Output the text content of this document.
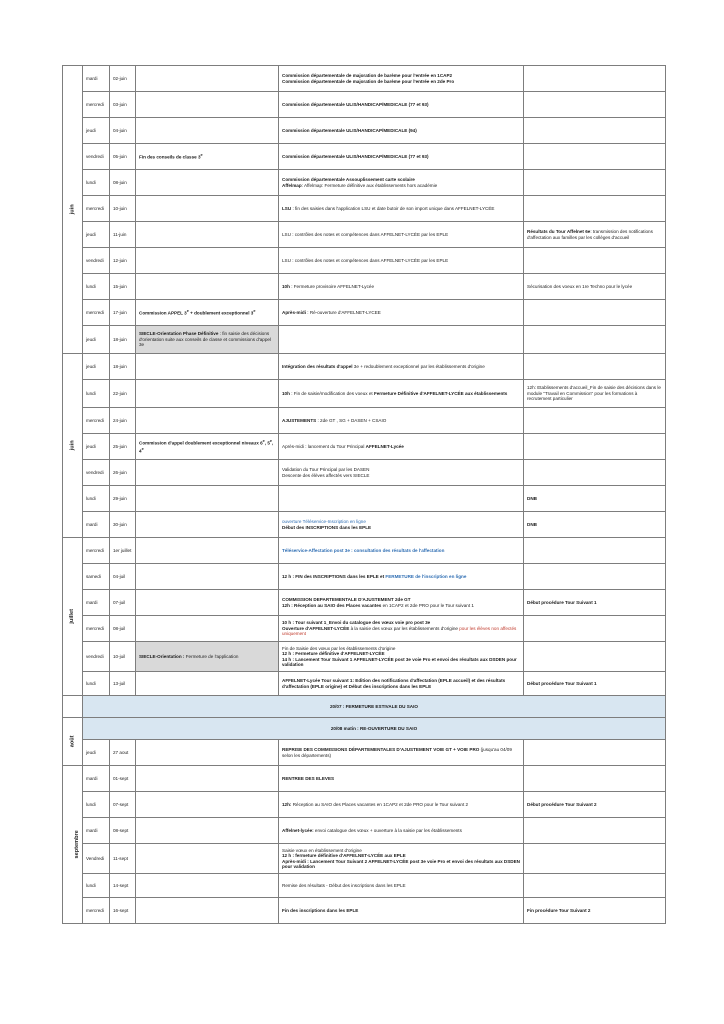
juin	mardi	02-juin		Commission départementale de majoration de barème pour l'entrée en 1CAP2
Commission départementale de majoration de barème pour l'entrée en 2de Pro	

	mercredi	03-juin		Commission départementale ULIS/HANDICAP/MEDICALE (77 et 93)	
	jeudi	04-juin		Commission départementale ULIS/HANDICAP/MEDICALE (94)	
	vendredi	05-juin	Fin des conseils de classe 3e	Commission départementale ULIS/HANDICAP/MEDICALE (77 et 93)	
	lundi	08-juin		Commission départementale Assouplissement carte scolaire
Affelmap: Affelmap: Fermeture définitive aux établissements hors académie	

	mercredi	10-juin		LSU : fin des saisies dans l'application LSU et date butoir de son import unique dans AFFELNET-LYCÉE	
	jeudi	11-juin		LSU : contrôles des notes et compétences dans AFFELNET-LYCÉE par les EPLE	Résultats du Tour Affelnet 6e: transmission des notifications d'affectation aux familles par les collèges d'accueil
	vendredi	12-juin		LSU : contrôles des notes et compétences dans AFFELNET-LYCÉE par les EPLE	
	lundi	15-juin		10h : Fermeture provisoire AFFELNET-Lycée	Sécurisation des voeux en 1re Techno pour le lycée
	mercredi	17-juin	Commission APPEL $3^e$ + doublement exceptionnel 3e	Après-midi : Ré-ouverture d'AFFELNET-LYCEE	
	jeudi	18-juin	SIECLE-Orientation Phase Définitive : fin saisie des décisions d'orientation suite aux conseils de classe et commissions d'appel 3e		
juin	jeudi	18-juin		Intégration des résultats d'appel 3e + redoublement exceptionnel par les établissements d'origine	
	lundi	22-juin		10h : Fin de saisie/modification des voeux et Fermeture Définitive d'AFFELNET-LYCÉE aux établissements	12h: Etablissements d'accueil_Fin de saisie des décisions dans le module "Travail en Commission" pour les formations à recrutement particulier
	mercredi	24-juin		AJUSTEMENTS : 2de GT , SG + DASEN + CSAIO	
	jeudi	25-juin	Commission d'appel doublement exceptionnel niveaux 6e, 5e, 4e	Après-midi : lancement du Tour Principal AFFELNET-Lycée	
	vendredi	26-juin		Validation du Tour Principal par les DASEN
Descente des élèves affectés vers SIECLE	

	lundi	29-juin			DNB
	mardi	30-juin		ouverture Téléservice-Inscription en ligne
Début des INSCRIPTIONS dans les EPLE	DNB
juillet	mercredi	1er juillet		Téléservice-Affectation post 3e : consultation des résultats de l'affectation	
	samedi	04-juil		12 h : FIN des INSCRIPTIONS dans les EPLE et FERMETURE de l'inscription en ligne	
	mardi	07-juil		COMMISSION DEPARTEMENTALE D'AJUSTEMENT 2de GT
12h : Réception au SAIO des Places vacantes en 1CAP2 et 2de PRO pour le Tour suivant 1	Début procédure Tour Suivant 1
	mercredi	08-juil		10 h : Tour suivant 1_Envoi du catalogue des vœux voie pro post 3e
Ouverture d'AFFELNET-LYCÉE à la saisie des vœux par les établissements d'origine pour les élèves non affectés uniquement	

	vendredi	10-juil	SIECLE-Orientation : Fermeture de l'application	Fin de Saisie des vœux par les établissements d'origine
12 h : Fermeture définitive d'AFFELNET-LYCÉE
14 h : Lancement Tour Suivant 1 AFFELNET-LYCÉE post 3e voie Pro et envoi des résultats aux DSDEN pour validation	

	lundi	13-juil		AFFELNET-Lycée Tour suivant 1: Edition des notifications d'affectation (EPLE accueil) et des résultats d'affectation (EPLE origine) et Début des inscriptions dans les EPLE	Début procédure Tour Suivant 1
	20/07 : FERMETURE ESTIVALE DU SAIO				
août	20/08 matin : RE-OUVERTURE DU SAIO				
	jeudi	27 aout		REPRISE DES COMMISSIONS DÉPARTEMENTALES D'AJUSTEMENT VOIE GT + VOIE PRO (jusqu'au 04/09 selon les départements)	
septembre	mardi	01-sept		RENTREE DES ELEVES	
	lundi	07-sept		12h: Réception au SAIO des Places vacantes en 1CAP2 et 2de PRO pour le Tour suivant 2	Début procédure Tour Suivant 2
	mardi	08-sept		Affelnet-lycée: envoi catalogue des vœux + ouverture à la saisie par les établissements	
	Vendredi	11-sept		Saisie vœux en établissement d'origine
12 h : fermeture définitive d'AFFELNET-LYCÉE aux EPLE
Après-midi : Lancement Tour Suivant 2 AFFELNET-LYCÉE post 3e voie Pro et envoi des résultats aux DSDEN pour validation	

	lundi	14-sept		Remise des résultats - Début des inscriptions dans les EPLE	
	mercredi	16-sept		Fin des inscriptions dans les EPLE	Fin procédure Tour Suivant 2
